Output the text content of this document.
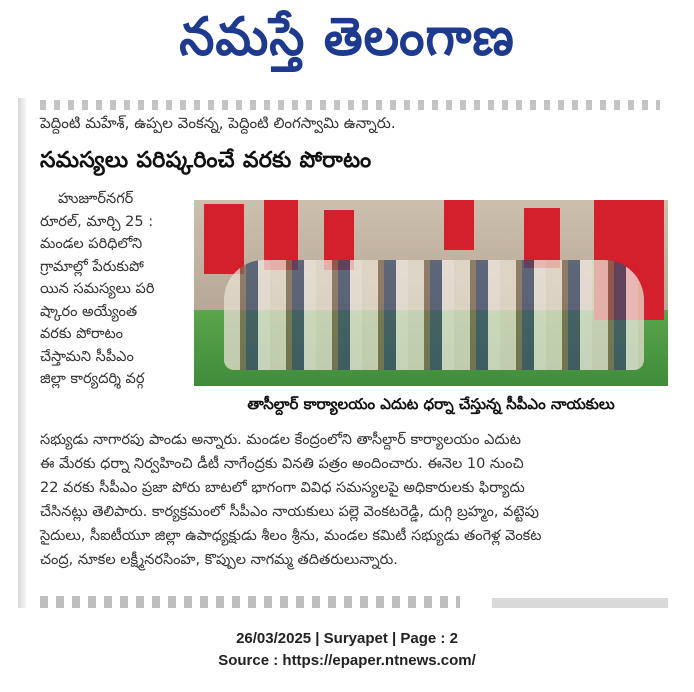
నమస్తే తెలంగాణ
పెద్దింటి మహేశ్‌, ఉప్పల వెంకన్న, పెద్దింటి లింగస్వామి ఉన్నారు.
సమస్యలు పరిష్కరించే వరకు పోరాటం

హుజూర్‌నగర్‌

రూరల్‌, మార్చి 25 :

మండల పరిధిలోని

గ్రామాల్లో పేరుకుపో

యిన సమస్యలు పరి

ష్కారం అయ్యేంత

వరకు పోరాటం

చేస్తామని సీపీఎం

జిల్లా కార్యదర్శి వర్గ

తాసీల్దార్‌ కార్యాలయం ఎదుట ధర్నా చేస్తున్న సీపీఎం నాయకులు

సభ్యుడు నాగారపు పాండు అన్నారు. మండల కేంద్రంలోని తాసీల్దార్‌ కార్యాలయం ఎదుట

ఈ మేరకు ధర్నా నిర్వహించి డీటీ నాగేంద్రకు వినతి పత్రం అందించారు. ఈనెల 10 నుంచి

22 వరకు సీపీఎం ప్రజా పోరు బాటలో భాగంగా వివిధ సమస్యలపై అధికారులకు ఫిర్యాదు

చేసినట్లు తెలిపారు. కార్యక్రమంలో సీపీఎం నాయకులు పల్లె వెంకటరెడ్డి, దుగ్గి బ్రహ్మం, వట్టెపు

సైదులు, సీఐటీయూ జిల్లా ఉపాధ్యక్షుడు శీలం శ్రీను, మండల కమిటీ సభ్యుడు తంగెళ్ల వెంకట

చంద్ర, నూకల లక్ష్మీనరసింహ, కొప్పుల నాగమ్మ తదితరులున్నారు.

26/03/2025 | Suryapet | Page : 2
Source : https://epaper.ntnews.com/
